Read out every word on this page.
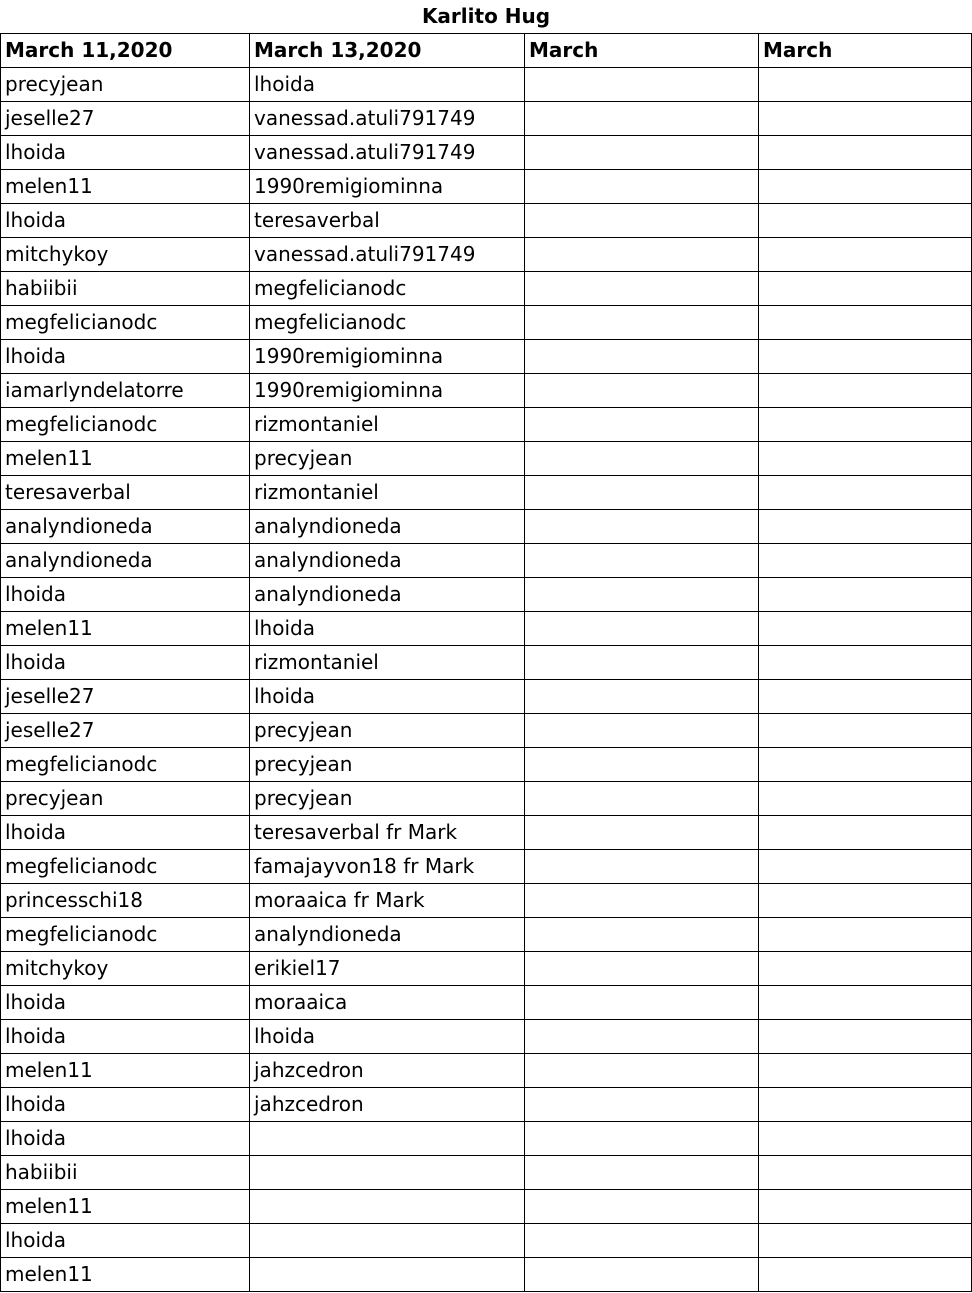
Karlito Hug			
March 11,2020	March 13,2020	March	March
precyjean	lhoida		
jeselle27	vanessad.atuli791749		
lhoida	vanessad.atuli791749		
melen11	1990remigiominna		
lhoida	teresaverbal		
mitchykoy	vanessad.atuli791749		
habiibii	megfelicianodc		
megfelicianodc	megfelicianodc		
lhoida	1990remigiominna		
iamarlyndelatorre	1990remigiominna		
megfelicianodc	rizmontaniel		
melen11	precyjean		
teresaverbal	rizmontaniel		
analyndioneda	analyndioneda		
analyndioneda	analyndioneda		
lhoida	analyndioneda		
melen11	lhoida		
lhoida	rizmontaniel		
jeselle27	lhoida		
jeselle27	precyjean		
megfelicianodc	precyjean		
precyjean	precyjean		
lhoida	teresaverbal fr Mark		
megfelicianodc	famajayvon18 fr Mark		
princesschi18	moraaica fr Mark		
megfelicianodc	analyndioneda		
mitchykoy	erikiel17		
lhoida	moraaica		
lhoida	lhoida		
melen11	jahzcedron		
lhoida	jahzcedron		
lhoida			
habiibii			
melen11			
lhoida			
melen11			
